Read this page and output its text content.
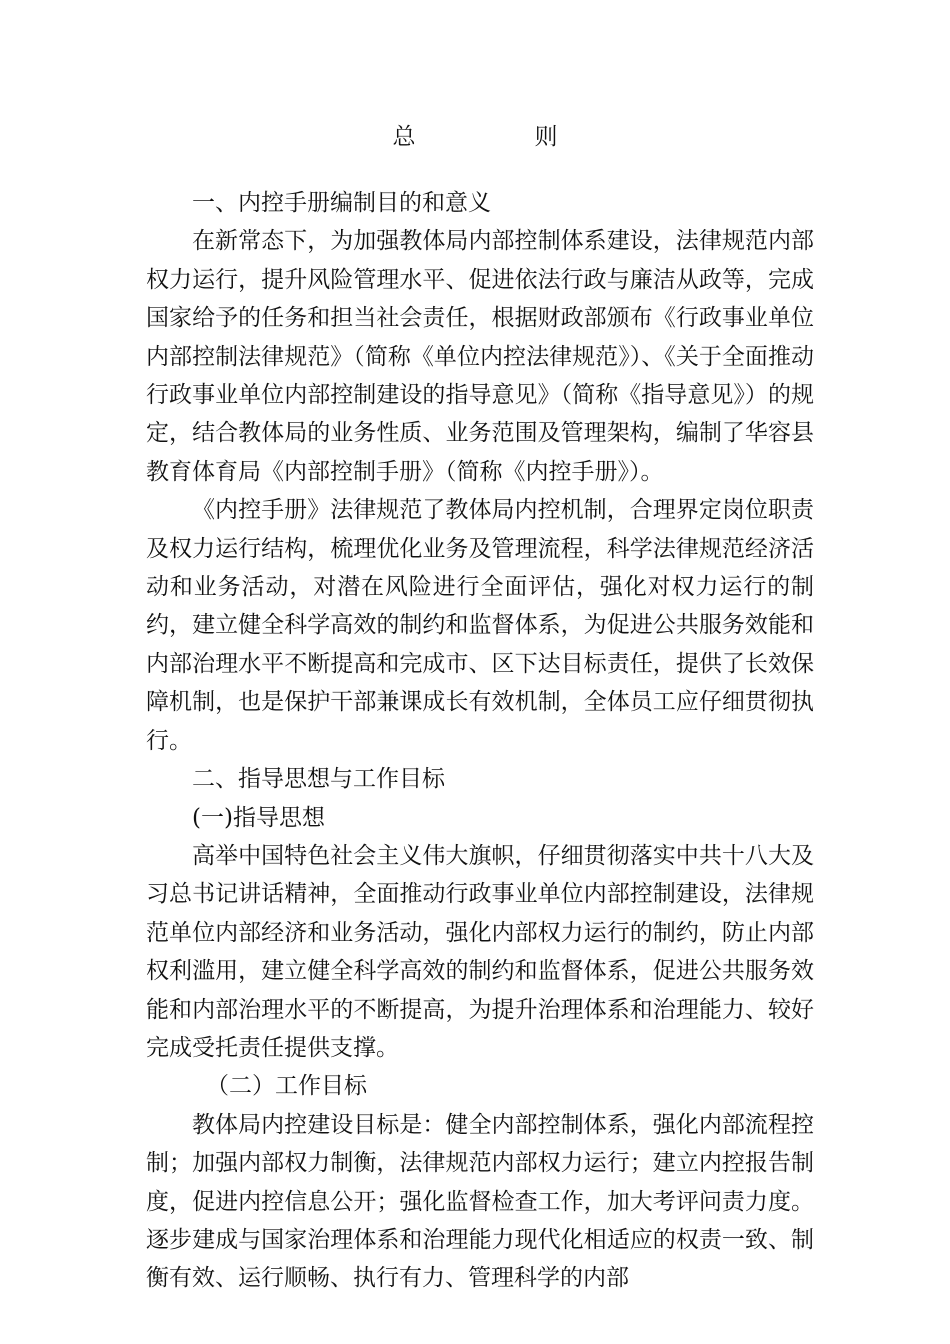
总　则

一、内控手册编制目的和意义

在新常态下，为加强教体局内部控制体系建设，法律规范内部权力运行，提升风险管理水平、促进依法行政与廉洁从政等，完成国家给予的任务和担当社会责任，根据财政部颁布《行政事业单位内部控制法律规范》（简称《单位内控法律规范》）、《关于全面推动行政事业单位内部控制建设的指导意见》（简称《指导意见》）的规定，结合教体局的业务性质、业务范围及管理架构，编制了华容县教育体育局《内部控制手册》（简称《内控手册》）。

《内控手册》法律规范了教体局内控机制，合理界定岗位职责及权力运行结构，梳理优化业务及管理流程，科学法律规范经济活动和业务活动，对潜在风险进行全面评估，强化对权力运行的制约，建立健全科学高效的制约和监督体系，为促进公共服务效能和内部治理水平不断提高和完成市、区下达目标责任，提供了长效保障机制，也是保护干部兼课成长有效机制，全体员工应仔细贯彻执行。

二、指导思想与工作目标

(一)指导思想

高举中国特色社会主义伟大旗帜，仔细贯彻落实中共十八大及习总书记讲话精神，全面推动行政事业单位内部控制建设，法律规范单位内部经济和业务活动，强化内部权力运行的制约，防止内部权利滥用，建立健全科学高效的制约和监督体系，促进公共服务效能和内部治理水平的不断提高，为提升治理体系和治理能力、较好完成受托责任提供支撑。

（二）工作目标

教体局内控建设目标是：健全内部控制体系，强化内部流程控制；加强内部权力制衡，法律规范内部权力运行；建立内控报告制度，促进内控信息公开；强化监督检查工作，加大考评问责力度。逐步建成与国家治理体系和治理能力现代化相适应的权责一致、制衡有效、运行顺畅、执行有力、管理科学的内部
